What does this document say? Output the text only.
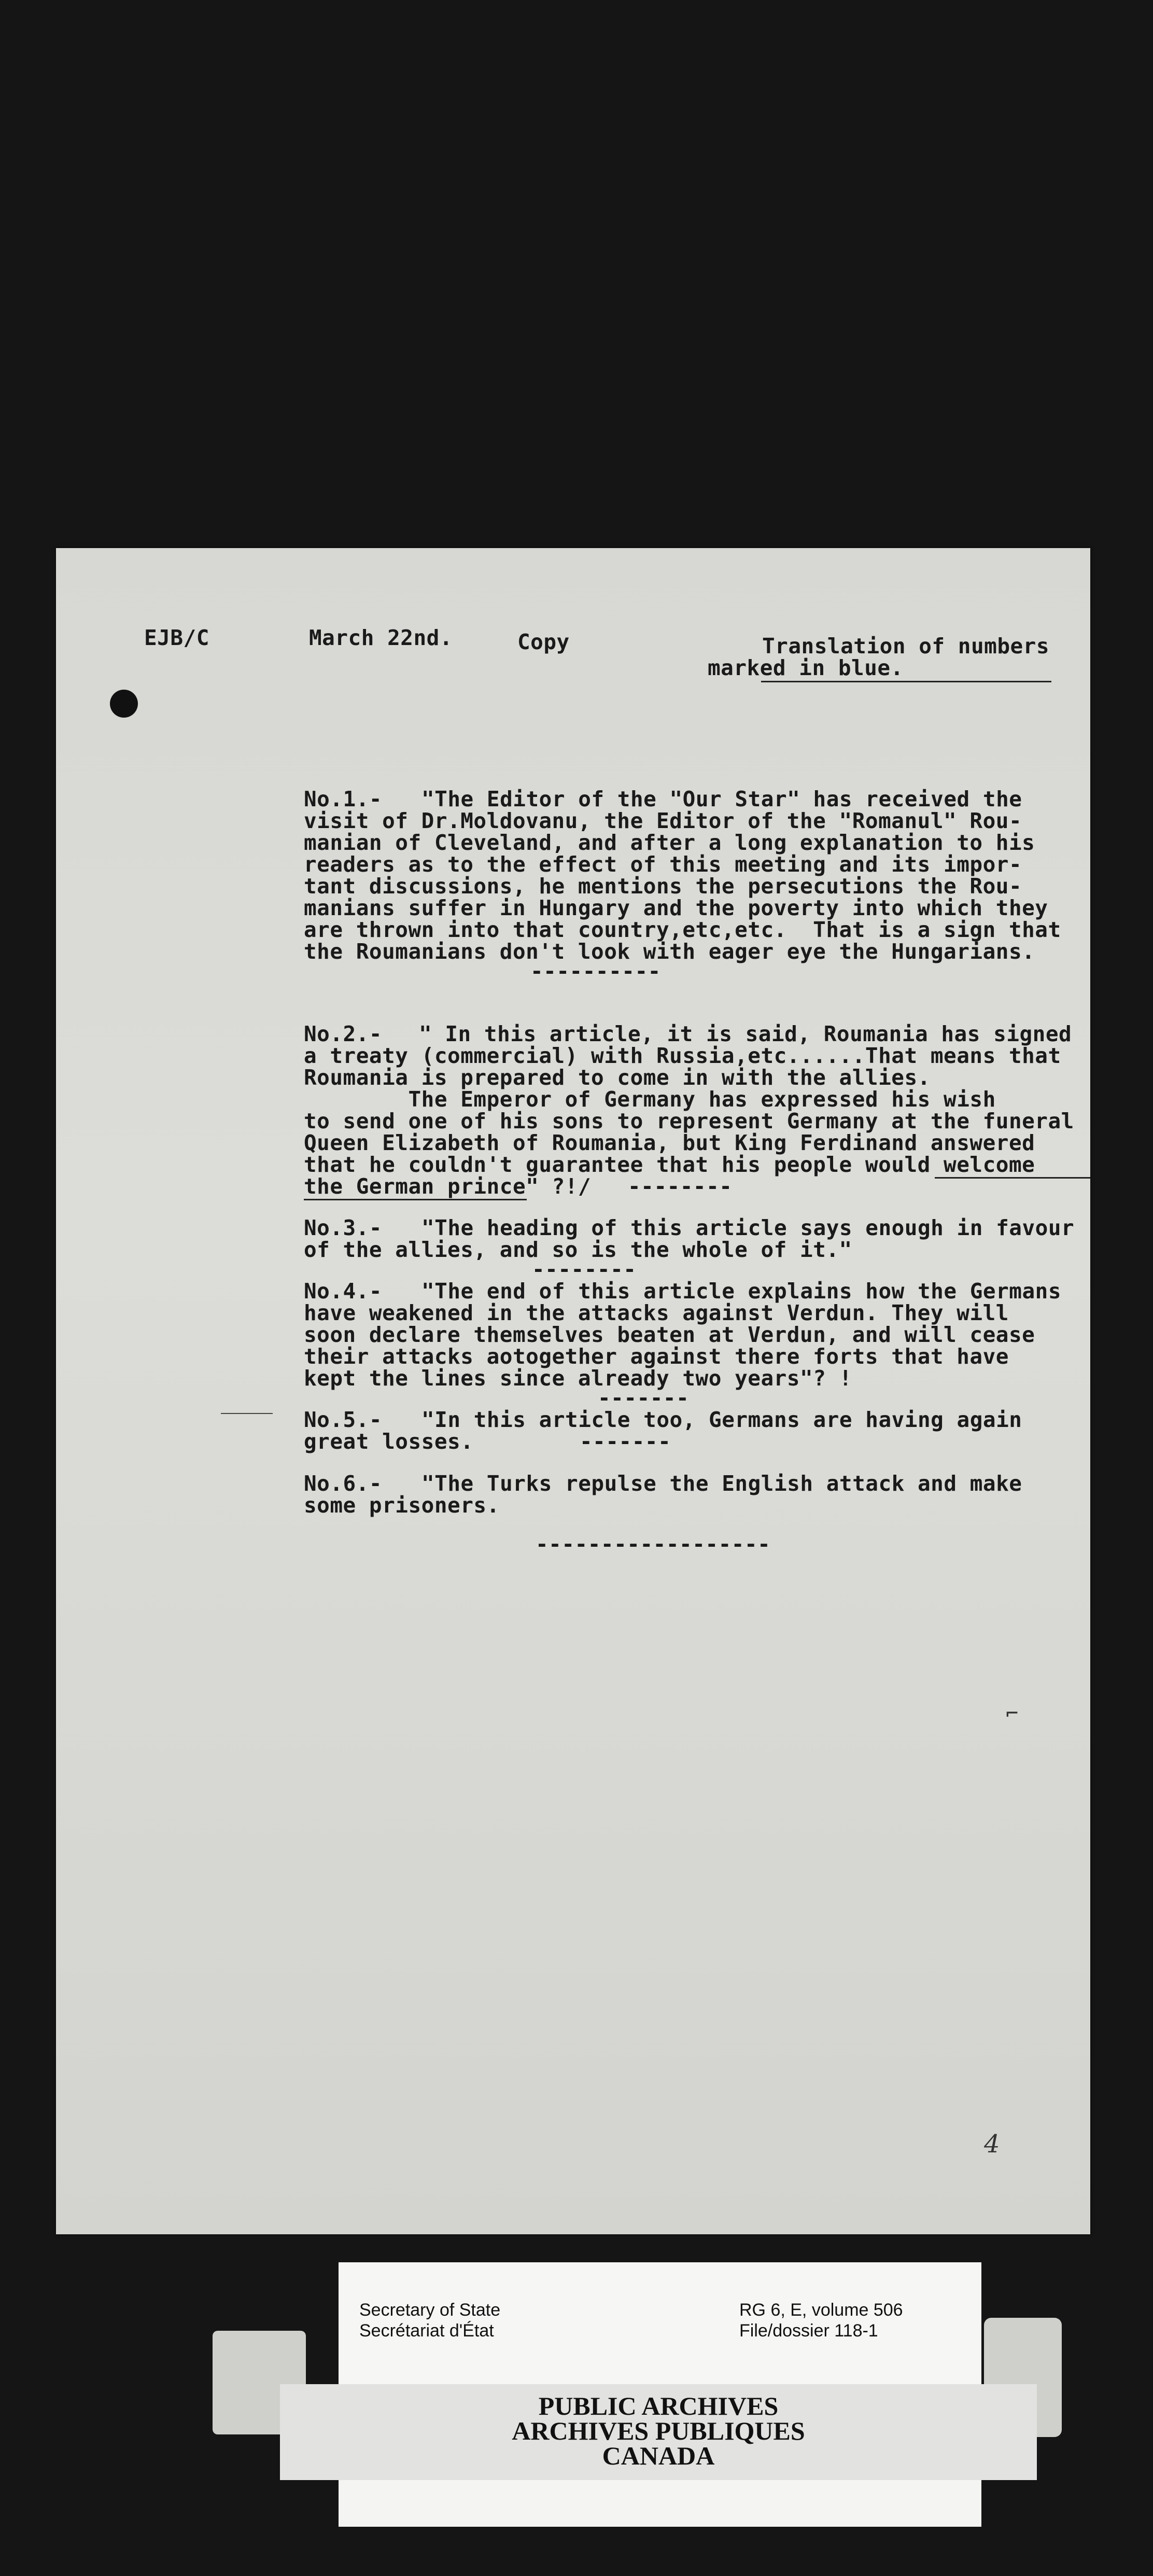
EJB/C	March 22nd.	Copy	Translation of numbers

marked in blue.

No.1.- "The Editor of the "Our Star" has received the

visit of Dr.Moldovanu, the Editor of the "Romanul" Rou-

manian of Cleveland, and after a long explanation to his

readers as to the effect of this meeting and its impor-

tant discussions, he mentions the persecutions the Rou-

manians suffer in Hungary and the poverty into which they

are thrown into that country,etc,etc.  That is a sign that

the Roumanians don't look with eager eye the Hungarians.

----------

No.2.- " In this article, it is said, Roumania has signed

a treaty (commercial) with Russia,etc......That means that

Roumania is prepared to come in with the allies.

The Emperor of Germany has expressed his wish

to send one of his sons to represent Germany at the funeral

Queen Elizabeth of Roumania, but King Ferdinand answered

that he couldn't guarantee that his people would welcome

the German prince" ?!/ --------

No.3.- "The heading of this article says enough in favour

of the allies, and so is the whole of it."

--------

No.4.- "The end of this article explains how the Germans

have weakened in the attacks against Verdun. They will

soon declare themselves beaten at Verdun, and will cease

their attacks aotogether against there forts that have

kept the lines since already two years"? !

-------

No.5.- "In this article too, Germans are having again

great losses.	-------

No.6.- "The Turks repulse the English attack and make

some prisoners.

------------------

⌐
4
Secretary of State
Secrétariat d'État
RG 6, E, volume 506
File/dossier 118-1
PUBLIC ARCHIVES
ARCHIVES PUBLIQUES
CANADA
